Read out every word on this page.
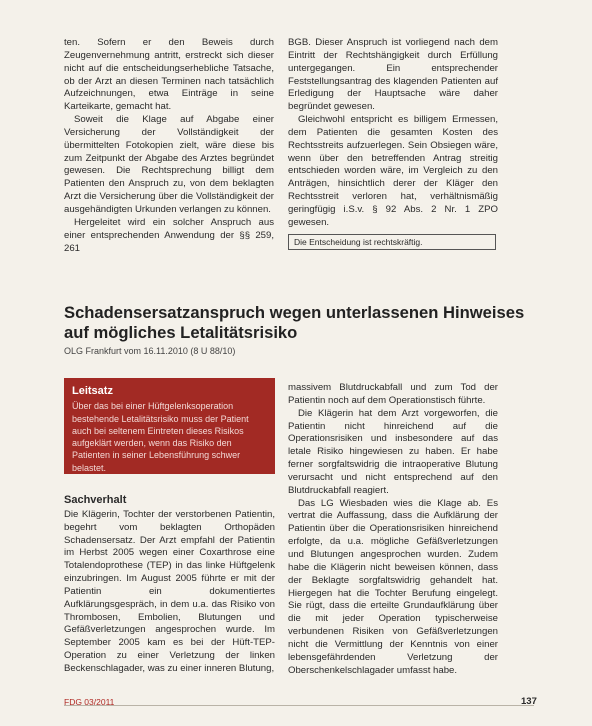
ten. Sofern er den Beweis durch Zeugenvernehmung antritt, erstreckt sich dieser nicht auf die entscheidungserhebliche Tatsache, ob der Arzt an diesen Terminen nach tatsächlich Aufzeichnungen, etwa Einträge in seine Karteikarte, gemacht hat.

Soweit die Klage auf Abgabe einer Versicherung der Vollständigkeit der übermittelten Fotokopien zielt, wäre diese bis zum Zeitpunkt der Abgabe des Arztes begründet gewesen. Die Rechtsprechung billigt dem Patienten den Anspruch zu, von dem beklagten Arzt die Versicherung über die Vollständigkeit der ausgehändigten Urkunden verlangen zu können.

Hergeleitet wird ein solcher Anspruch aus einer entsprechenden Anwendung der §§ 259, 261

BGB. Dieser Anspruch ist vorliegend nach dem Eintritt der Rechtshängigkeit durch Erfüllung untergegangen. Ein entsprechender Feststellungsantrag des klagenden Patienten auf Erledigung der Hauptsache wäre daher begründet gewesen.

Gleichwohl entspricht es billigem Ermessen, dem Patienten die gesamten Kosten des Rechtsstreits aufzuerlegen. Sein Obsiegen wäre, wenn über den betreffenden Antrag streitig entschieden worden wäre, im Vergleich zu den Anträgen, hinsichtlich derer der Kläger den Rechtsstreit verloren hat, verhältnismäßig geringfügig i.S.v. § 92 Abs. 2 Nr. 1 ZPO gewesen.

Die Entscheidung ist rechtskräftig.
Schadensersatzanspruch wegen unterlassenen Hinweises auf mögliches Letalitätsrisiko
OLG Frankfurt vom 16.11.2010 (8 U 88/10)
Leitsatz
Über das bei einer Hüftgelenksoperation bestehende Letalitätsrisiko muss der Patient auch bei seltenem Eintreten dieses Risikos aufgeklärt werden, wenn das Risiko den Patienten in seiner Lebensführung schwer belastet.
Sachverhalt

Die Klägerin, Tochter der verstorbenen Patientin, begehrt vom beklagten Orthopäden Schadensersatz. Der Arzt empfahl der Patientin im Herbst 2005 wegen einer Coxarthrose eine Totalendoprothese (TEP) in das linke Hüftgelenk einzubringen. Im August 2005 führte er mit der Patientin ein dokumentiertes Aufklärungsgespräch, in dem u.a. das Risiko von Thrombosen, Embolien, Blutungen und Gefäßverletzungen angesprochen wurde. Im September 2005 kam es bei der Hüft-TEP-Operation zu einer Verletzung der linken Beckenschlagader, was zu einer inneren Blutung,

massivem Blutdruckabfall und zum Tod der Patientin noch auf dem Operationstisch führte.

Die Klägerin hat dem Arzt vorgeworfen, die Patientin nicht hinreichend auf die Operationsrisiken und insbesondere auf das letale Risiko hingewiesen zu haben. Er habe ferner sorgfaltswidrig die intraoperative Blutung verursacht und nicht entsprechend auf den Blutdruckabfall reagiert.

Das LG Wiesbaden wies die Klage ab. Es vertrat die Auffassung, dass die Aufklärung der Patientin über die Operationsrisiken hinreichend erfolgte, da u.a. mögliche Gefäßverletzungen und Blutungen angesprochen wurden. Zudem habe die Klägerin nicht beweisen können, dass der Beklagte sorgfaltswidrig gehandelt hat. Hiergegen hat die Tochter Berufung eingelegt. Sie rügt, dass die erteilte Grundaufklärung über die mit jeder Operation typischerweise verbundenen Risiken von Gefäßverletzungen nicht die Vermittlung der Kenntnis von einer lebensgefährdenden Verletzung der Oberschenkelschlagader umfasst habe.

FDG 03/2011	137
